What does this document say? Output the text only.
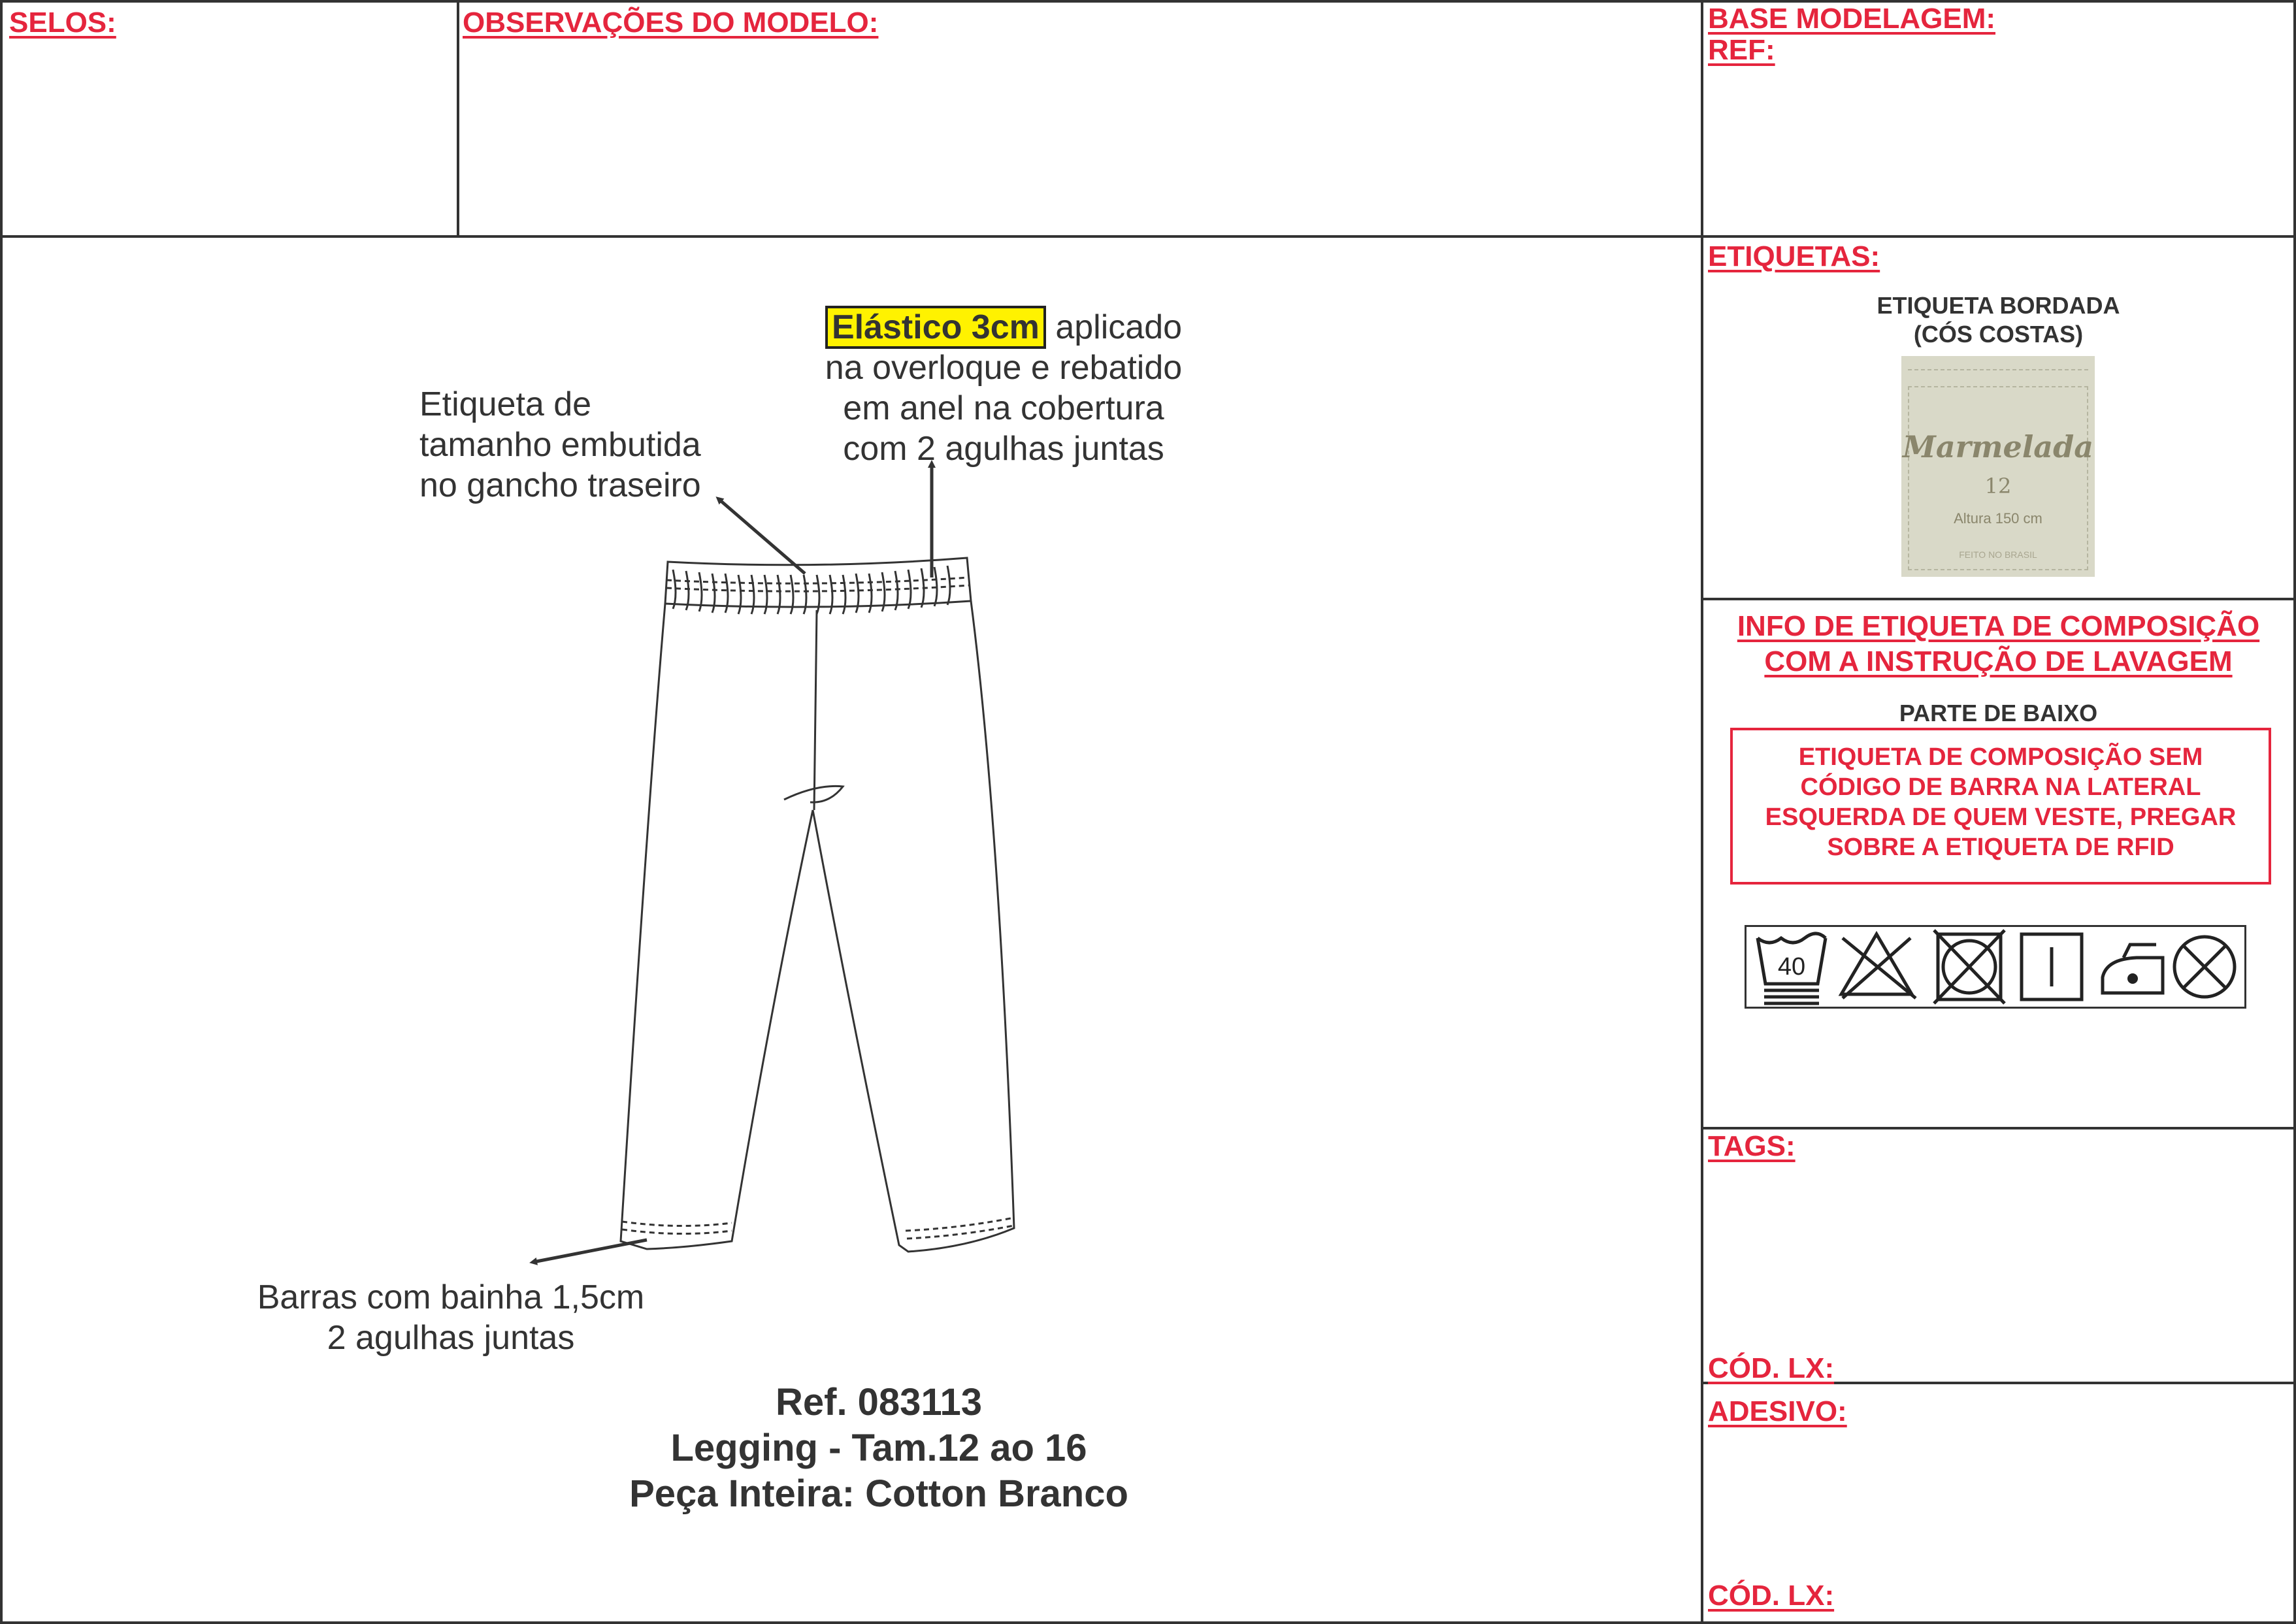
SELOS:	OBSERVAÇÕES DO MODELO:	BASE MODELAGEM:
REF:
ETIQUETAS:
ETIQUETA BORDADA
(CÓS COSTAS)
Marmelada
12
Altura 150 cm
FEITO NO BRASIL
INFO DE ETIQUETA DE COMPOSIÇÃO
COM A INSTRUÇÃO DE LAVAGEM
PARTE DE BAIXO
ETIQUETA DE COMPOSIÇÃO SEM
CÓDIGO DE BARRA NA LATERAL
ESQUERDA DE QUEM VESTE, PREGAR
SOBRE A ETIQUETA DE RFID
40
TAGS:
CÓD. LX:
ADESIVO:
CÓD. LX:
Elástico 3cm aplicado
na overloque e rebatido
em anel na cobertura
com 2 agulhas juntas
Etiqueta de
tamanho embutida
no gancho traseiro
Barras com bainha 1,5cm
2 agulhas juntas
Ref. 083113
Legging - Tam.12 ao 16
Peça Inteira: Cotton Branco
